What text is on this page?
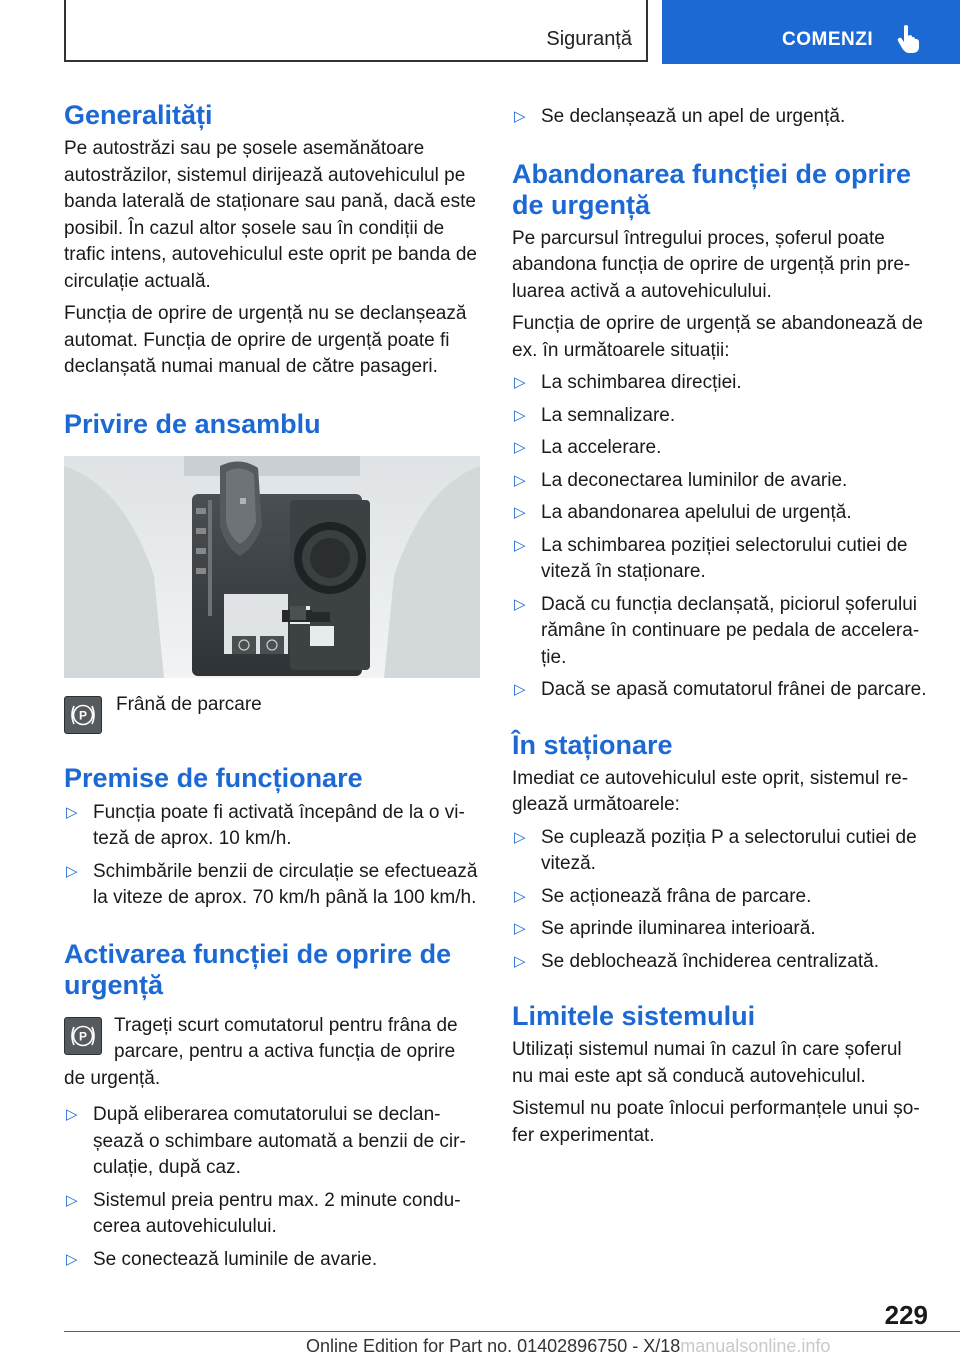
Siguranță	COMENZI
Generalități

Pe autostrăzi sau pe șosele asemănătoare autostrăzilor, sistemul dirijează autovehiculul pe banda laterală de staționare sau pană, dacă este posibil. În cazul altor șosele sau în condiții de trafic intens, autovehiculul este oprit pe banda de circulație actuală.

Funcția de oprire de urgență nu se declanșează automat. Funcția de oprire de urgență poate fi declanșată numai manual de către pasageri.

Privire de ansamblu
P
Frână de parcare
Premise de funcționare
▷ Funcția poate fi activată începând de la o viteză de aprox. 10 km/h.
▷ Schimbările benzii de circulație se efectuează la viteze de aprox. 70 km/h până la 100 km/h.
Activarea funcției de oprire de urgență
P

Trageți scurt comutatorul pentru frâna de parcare, pentru a activa funcția de oprire de urgență.

▷ După eliberarea comutatorului se declanșează o schimbare automată a benzii de circulație, după caz.
▷ Sistemul preia pentru max. 2 minute conducerea autovehiculului.
▷ Se conectează luminile de avarie.
▷ Se declanșează un apel de urgență.
Abandonarea funcției de oprire de urgență

Pe parcursul întregului proces, șoferul poate abandona funcția de oprire de urgență prin preluarea activă a autovehiculului.

Funcția de oprire de urgență se abandonează de ex. în următoarele situații:

▷ La schimbarea direcției.
▷ La semnalizare.
▷ La accelerare.
▷ La deconectarea luminilor de avarie.
▷ La abandonarea apelului de urgență.
▷ La schimbarea poziției selectorului cutiei de viteză în staționare.
▷ Dacă cu funcția declanșată, piciorul șoferului rămâne în continuare pe pedala de accelerație.
▷ Dacă se apasă comutatorul frânei de parcare.
În staționare

Imediat ce autovehiculul este oprit, sistemul reglează următoarele:

▷ Se cuplează poziția P a selectorului cutiei de viteză.
▷ Se acționează frâna de parcare.
▷ Se aprinde iluminarea interioară.
▷ Se deblochează închiderea centralizată.
Limitele sistemului

Utilizați sistemul numai în cazul în care șoferul nu mai este apt să conducă autovehiculul.

Sistemul nu poate înlocui performanțele unui șofer experimentat.

229
Online Edition for Part no. 01402896750 - X/18manualsonline.info
